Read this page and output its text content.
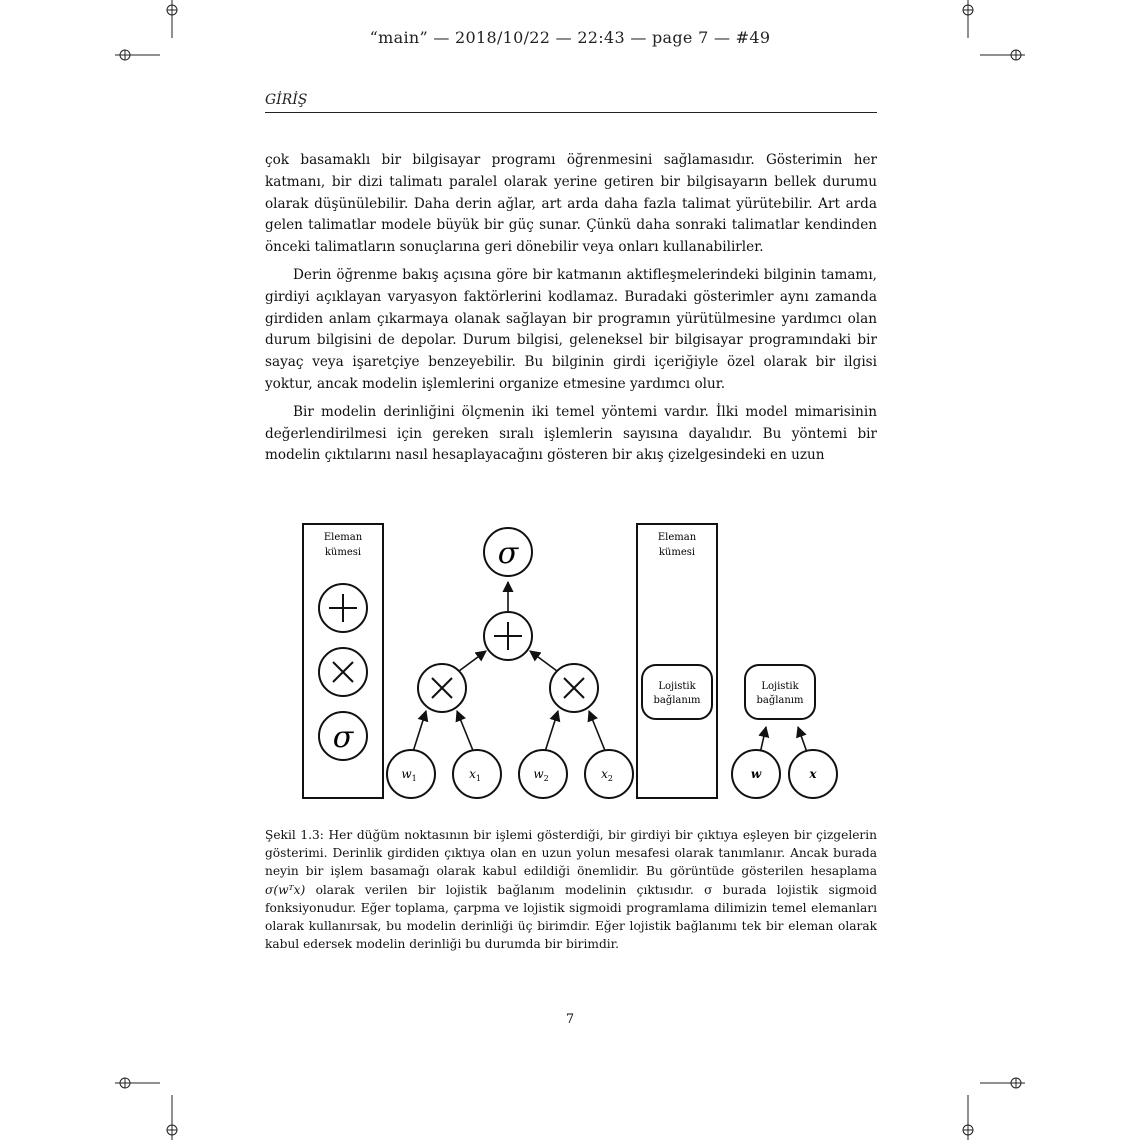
“main” — 2018/10/22 — 22:43 — page 7 — #49
GİRİŞ

çok basamaklı bir bilgisayar programı öğrenmesini sağlamasıdır. Gösterimin her katmanı, bir dizi talimatı paralel olarak yerine getiren bir bilgisayarın bellek durumu olarak düşünülebilir. Daha derin ağlar, art arda daha fazla talimat yürütebilir. Art arda gelen talimatlar modele büyük bir güç sunar. Çünkü daha sonraki talimatlar kendinden önceki talimatların sonuçlarına geri dönebilir veya onları kullanabilirler.

Derin öğrenme bakış açısına göre bir katmanın aktifleşmelerindeki bilginin tamamı, girdiyi açıklayan varyasyon faktörlerini kodlamaz. Buradaki gösterimler aynı zamanda girdiden anlam çıkarmaya olanak sağlayan bir programın yürütülmesine yardımcı olan durum bilgisini de depolar. Durum bilgisi, geleneksel bir bilgisayar programındaki bir sayaç veya işaretçiye benzeyebilir. Bu bilginin girdi içeriğiyle özel olarak bir ilgisi yoktur, ancak modelin işlemlerini organize etmesine yardımcı olur.

Bir modelin derinliğini ölçmenin iki temel yöntemi vardır. İlki model mimarisinin değerlendirilmesi için gereken sıralı işlemlerin sayısına dayalıdır. Bu yöntemi bir modelin çıktılarını nasıl hesaplayacağını gösteren bir akış çizelgesindeki en uzun

Eleman
kümesi
σ
σ
$w_1$	$x_1$	$w_2$	$x_2$
Eleman
kümesi
Lojistik
bağlanım
Lojistik
bağlanım
w	x
Şekil 1.3: Her düğüm noktasının bir işlemi gösterdiği, bir girdiyi bir çıktıya eşleyen bir çizgelerin gösterimi. Derinlik girdiden çıktıya olan en uzun yolun mesafesi olarak tanımlanır. Ancak burada neyin bir işlem basamağı olarak kabul edildiği önemlidir. Bu görüntüde gösterilen hesaplama σ(wᵀx) olarak verilen bir lojistik bağlanım modelinin çıktısıdır. σ burada lojistik sigmoid fonksiyonudur. Eğer toplama, çarpma ve lojistik sigmoidi programlama dilimizin temel elemanları olarak kullanırsak, bu modelin derinliği üç birimdir. Eğer lojistik bağlanımı tek bir eleman olarak kabul edersek modelin derinliği bu durumda bir birimdir.
7
